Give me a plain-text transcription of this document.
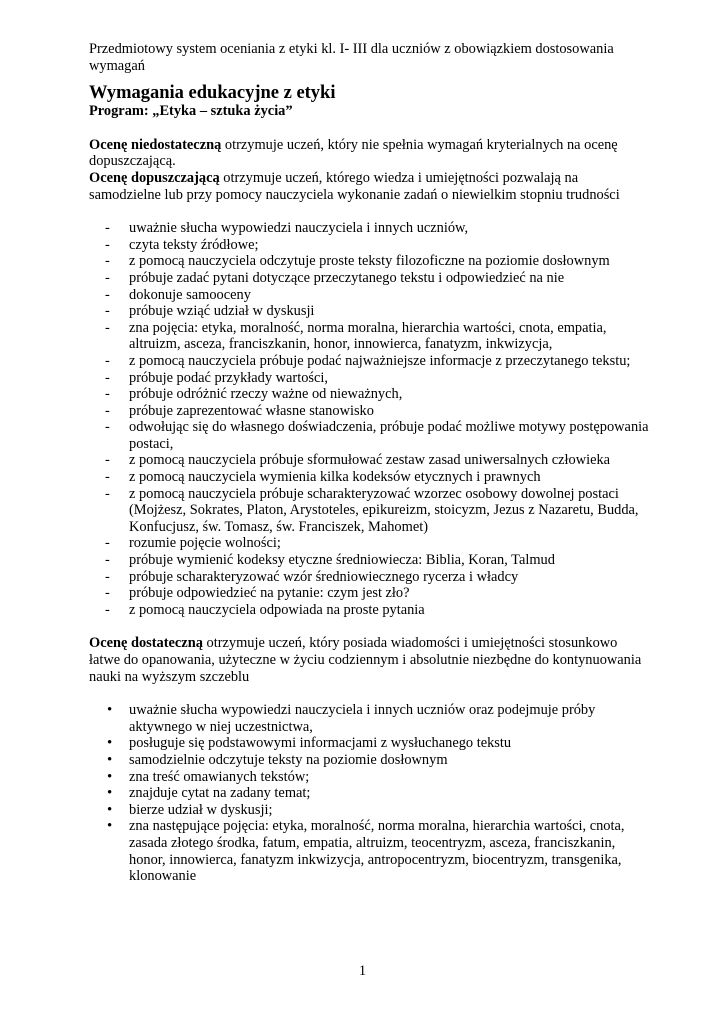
Przedmiotowy system oceniania z etyki kl. I- III dla uczniów z obowiązkiem dostosowania
wymagań

Wymagania edukacyjne z etyki

Program: „Etyka – sztuka życia”

Ocenę niedostateczną otrzymuje uczeń, który nie spełnia wymagań kryterialnych na ocenę dopuszczającą.

Ocenę dopuszczającą otrzymuje uczeń, którego wiedza i umiejętności pozwalają na samodzielne lub przy pomocy nauczyciela wykonanie zadań o niewielkim stopniu trudności

- uważnie słucha wypowiedzi nauczyciela i innych uczniów,
- czyta teksty źródłowe;
- z pomocą nauczyciela odczytuje proste teksty filozoficzne na poziomie dosłownym
- próbuje zadać pytani dotyczące przeczytanego tekstu i odpowiedzieć na nie
- dokonuje samooceny
- próbuje wziąć udział w dyskusji
- zna pojęcia: etyka, moralność, norma moralna, hierarchia wartości, cnota, empatia, altruizm, asceza, franciszkanin, honor, innowierca, fanatyzm, inkwizycja,
- z pomocą nauczyciela próbuje podać najważniejsze informacje z przeczytanego tekstu;
- próbuje podać przykłady wartości,
- próbuje odróżnić rzeczy ważne od nieważnych,
- próbuje zaprezentować własne stanowisko
- odwołując się do własnego doświadczenia, próbuje podać możliwe motywy postępowania postaci,
- z pomocą nauczyciela próbuje sformułować zestaw zasad uniwersalnych człowieka
- z pomocą nauczyciela wymienia kilka kodeksów etycznych i prawnych
- z pomocą nauczyciela próbuje scharakteryzować wzorzec osobowy dowolnej postaci (Mojżesz, Sokrates, Platon, Arystoteles, epikureizm, stoicyzm, Jezus z Nazaretu, Budda, Konfucjusz, św. Tomasz, św. Franciszek, Mahomet)
- rozumie pojęcie wolności;
- próbuje wymienić kodeksy etyczne średniowiecza: Biblia, Koran, Talmud
- próbuje scharakteryzować wzór średniowiecznego rycerza i władcy
- próbuje odpowiedzieć na pytanie: czym jest zło?
- z pomocą nauczyciela odpowiada na proste pytania

Ocenę dostateczną otrzymuje uczeń, który posiada wiadomości i umiejętności stosunkowo łatwe do opanowania, użyteczne w życiu codziennym i absolutnie niezbędne do kontynuowania nauki na wyższym szczeblu

• uważnie słucha wypowiedzi nauczyciela i innych uczniów oraz podejmuje próby aktywnego w niej uczestnictwa,
• posługuje się podstawowymi informacjami z wysłuchanego tekstu
• samodzielnie odczytuje teksty na poziomie dosłownym
• zna treść omawianych tekstów;
• znajduje cytat na zadany temat;
• bierze udział w dyskusji;
• zna następujące pojęcia: etyka, moralność, norma moralna, hierarchia wartości, cnota, zasada złotego środka, fatum, empatia, altruizm, teocentryzm, asceza, franciszkanin, honor, innowierca, fanatyzm inkwizycja, antropocentryzm, biocentryzm, transgenika, klonowanie
1
